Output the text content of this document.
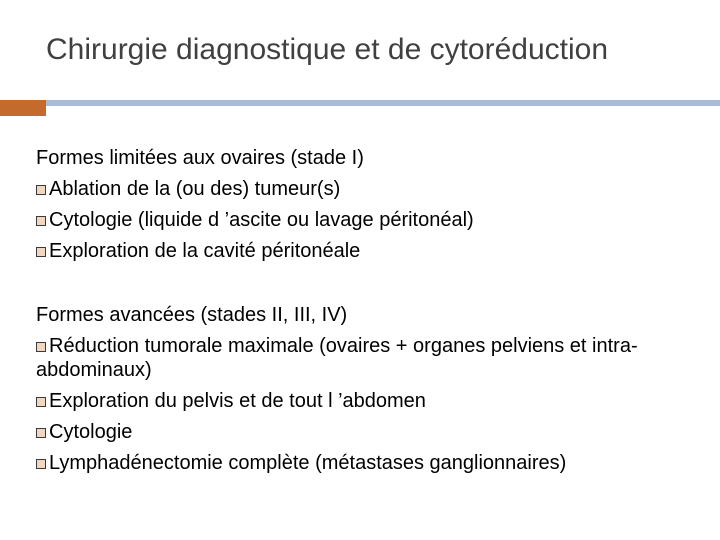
Chirurgie diagnostique et de cytoréduction
Formes limitées aux ovaires (stade I)
Ablation de la (ou des) tumeur(s)
Cytologie (liquide d ’ascite ou lavage péritonéal)
Exploration de la cavité péritonéale
Formes avancées (stades II, III, IV)
Réduction tumorale maximale (ovaires + organes pelviens et intra-abdominaux)
Exploration du pelvis et de tout l ’abdomen
Cytologie
Lymphadénectomie complète (métastases ganglionnaires)
